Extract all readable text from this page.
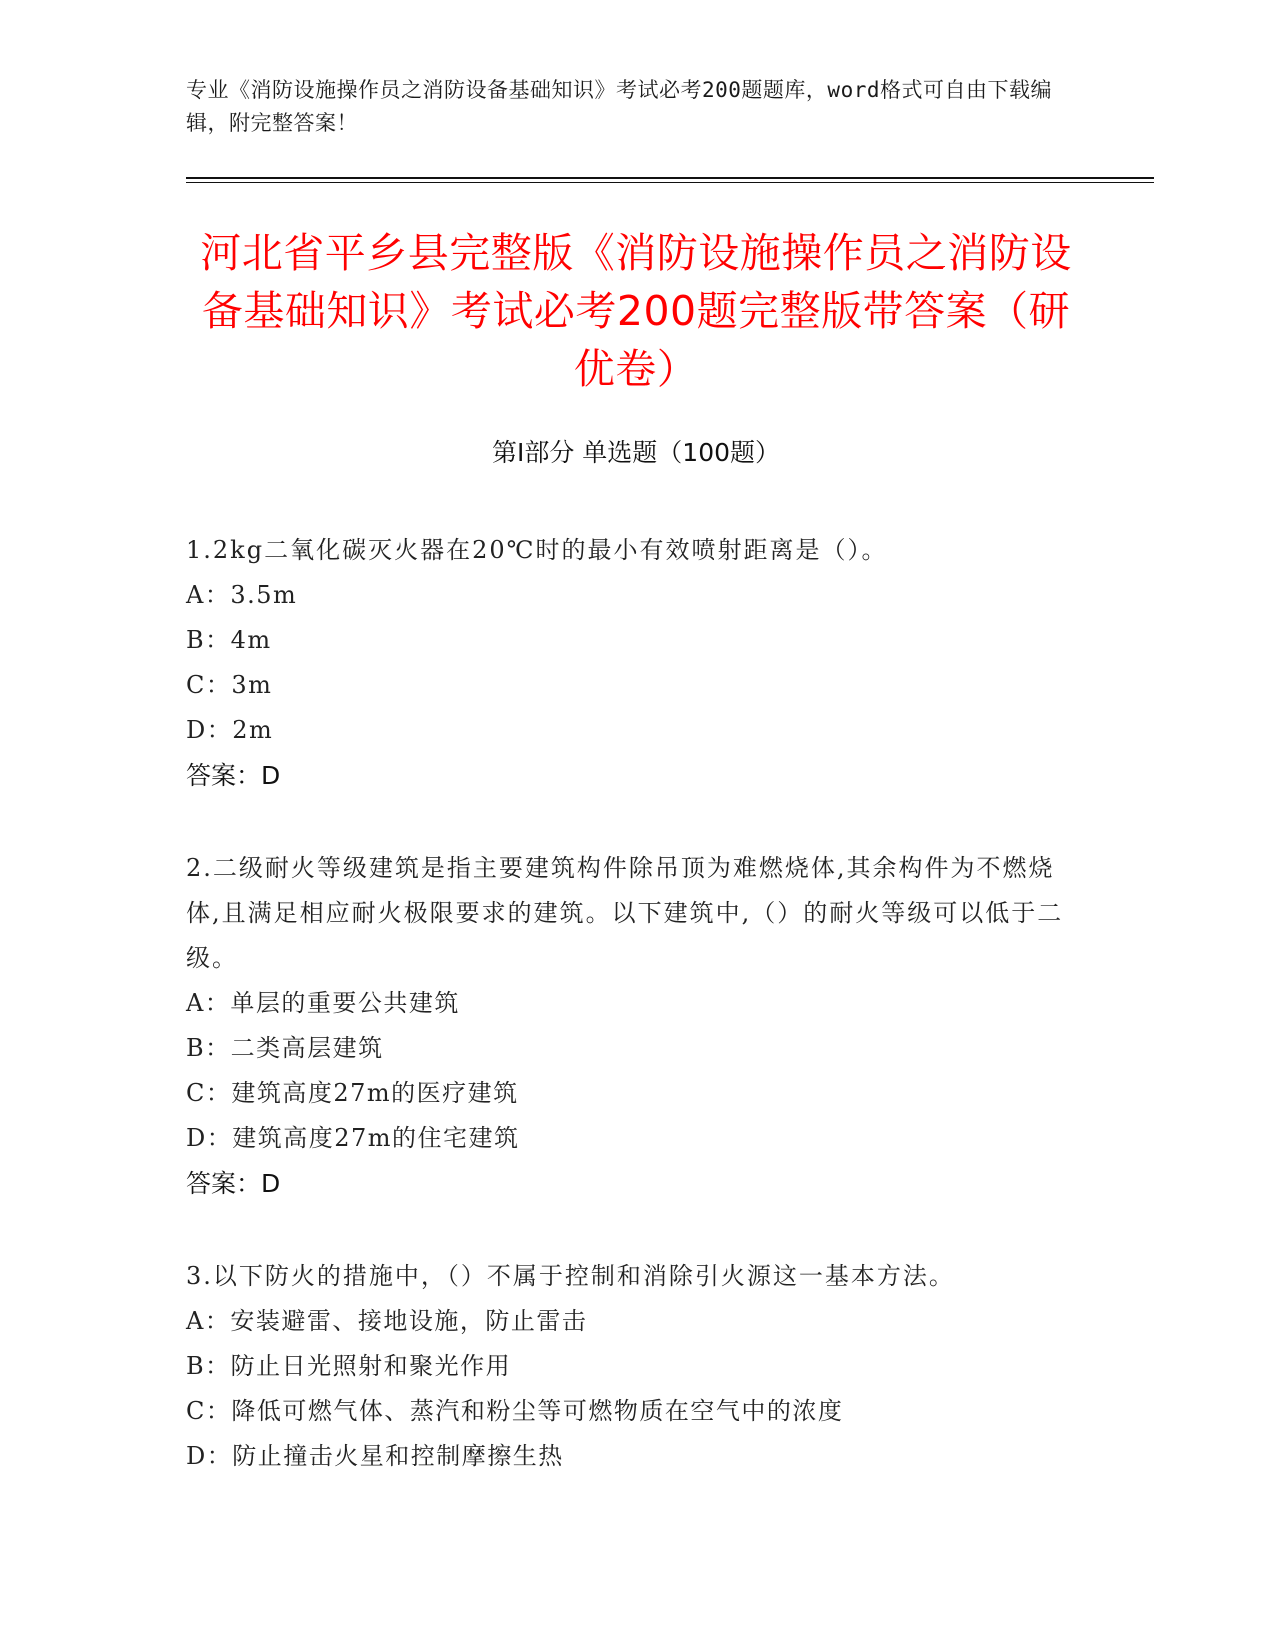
专业《消防设施操作员之消防设备基础知识》考试必考200题题库，word格式可自由下载编辑，附完整答案！
河北省平乡县完整版《消防设施操作员之消防设备基础知识》考试必考200题完整版带答案（研优卷）
第I部分 单选题（100题）
1.2kg二氧化碳灭火器在20℃时的最小有效喷射距离是（）。
A：3.5m
B：4m
C：3m
D：2m
答案：D
2.二级耐火等级建筑是指主要建筑构件除吊顶为难燃烧体,其余构件为不燃烧体,且满足相应耐火极限要求的建筑。以下建筑中,（）的耐火等级可以低于二级。
A：单层的重要公共建筑
B：二类高层建筑
C：建筑高度27m的医疗建筑
D：建筑高度27m的住宅建筑
答案：D
3.以下防火的措施中，（）不属于控制和消除引火源这一基本方法。
A：安装避雷、接地设施，防止雷击
B：防止日光照射和聚光作用
C：降低可燃气体、蒸汽和粉尘等可燃物质在空气中的浓度
D：防止撞击火星和控制摩擦生热
